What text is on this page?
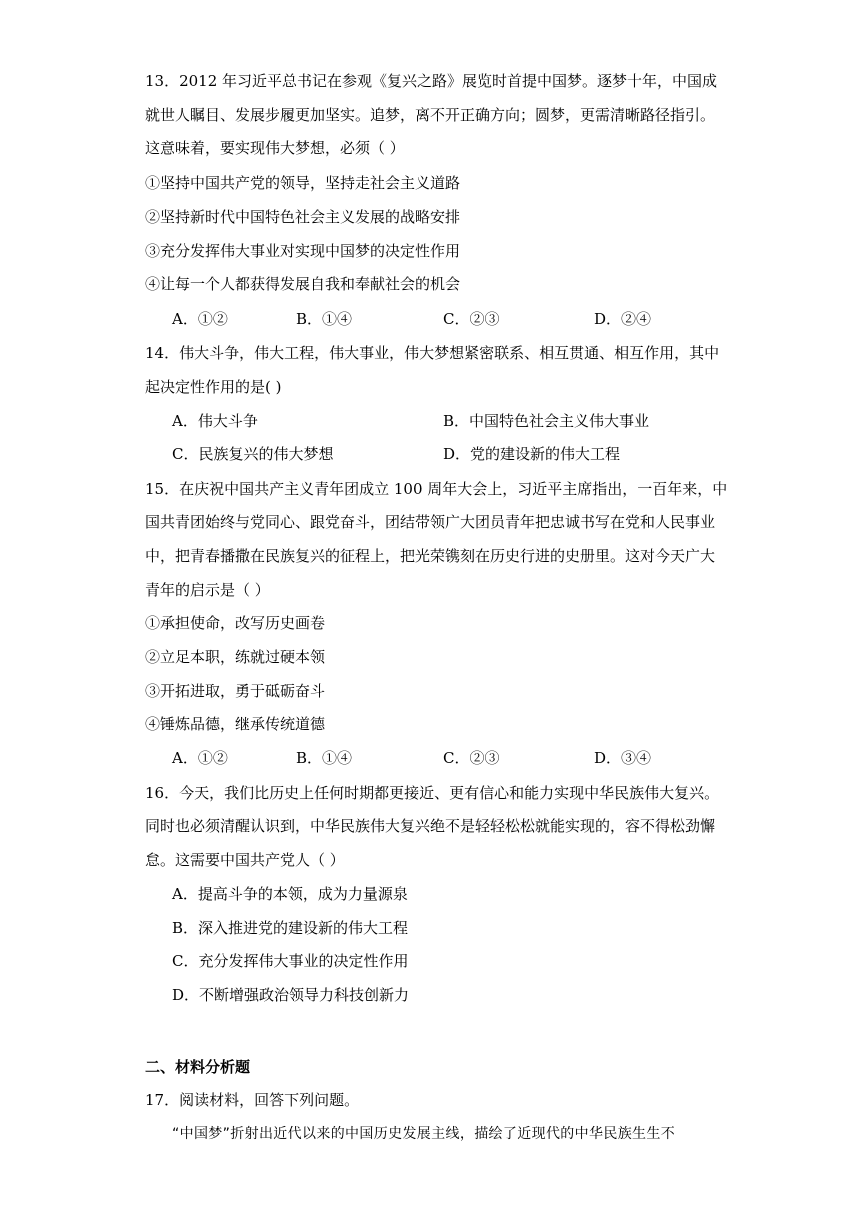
13．2012 年习近平总书记在参观《复兴之路》展览时首提中国梦。逐梦十年，中国成
就世人瞩目、发展步履更加坚实。追梦，离不开正确方向；圆梦，更需清晰路径指引。
这意味着，要实现伟大梦想，必须（ ）
①坚持中国共产党的领导，坚持走社会主义道路
②坚持新时代中国特色社会主义发展的战略安排
③充分发挥伟大事业对实现中国梦的决定性作用
④让每一个人都获得发展自我和奉献社会的机会
A．①②	B．①④	C．②③	D．②④
14．伟大斗争，伟大工程，伟大事业，伟大梦想紧密联系、相互贯通、相互作用，其中
起决定性作用的是( )
A．伟大斗争	B．中国特色社会主义伟大事业
C．民族复兴的伟大梦想	D．党的建设新的伟大工程
15．在庆祝中国共产主义青年团成立 100 周年大会上，习近平主席指出，一百年来，中
国共青团始终与党同心、跟党奋斗，团结带领广大团员青年把忠诚书写在党和人民事业
中，把青春播撒在民族复兴的征程上，把光荣镌刻在历史行进的史册里。这对今天广大
青年的启示是（ ）
①承担使命，改写历史画卷
②立足本职，练就过硬本领
③开拓进取，勇于砥砺奋斗
④锤炼品德，继承传统道德
A．①②	B．①④	C．②③	D．③④
16．今天，我们比历史上任何时期都更接近、更有信心和能力实现中华民族伟大复兴。
同时也必须清醒认识到，中华民族伟大复兴绝不是轻轻松松就能实现的，容不得松劲懈
怠。这需要中国共产党人（ ）
A．提高斗争的本领，成为力量源泉
B．深入推进党的建设新的伟大工程
C．充分发挥伟大事业的决定性作用
D．不断增强政治领导力科技创新力
二、材料分析题
17．阅读材料，回答下列问题。
“中国梦”折射出近代以来的中国历史发展主线，描绘了近现代的中华民族生生不
